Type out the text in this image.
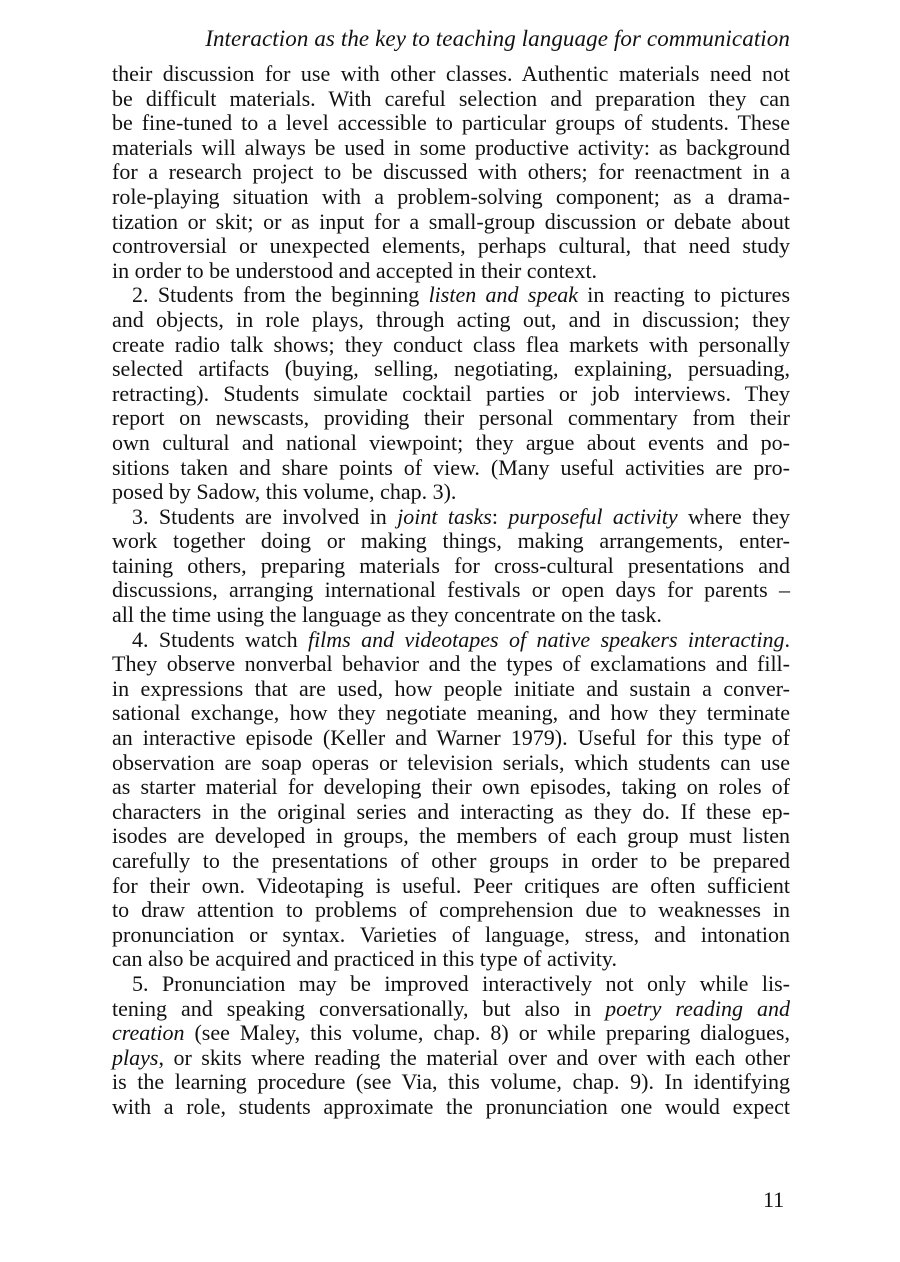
Interaction as the key to teaching language for communication
their discussion for use with other classes. Authentic materials need not
be difficult materials. With careful selection and preparation they can
be fine-tuned to a level accessible to particular groups of students. These
materials will always be used in some productive activity: as background
for a research project to be discussed with others; for reenactment in a
role-playing situation with a problem-solving component; as a drama-
tization or skit; or as input for a small-group discussion or debate about
controversial or unexpected elements, perhaps cultural, that need study
in order to be understood and accepted in their context.
2. Students from the beginning listen and speak in reacting to pictures
and objects, in role plays, through acting out, and in discussion; they
create radio talk shows; they conduct class flea markets with personally
selected artifacts (buying, selling, negotiating, explaining, persuading,
retracting). Students simulate cocktail parties or job interviews. They
report on newscasts, providing their personal commentary from their
own cultural and national viewpoint; they argue about events and po-
sitions taken and share points of view. (Many useful activities are pro-
posed by Sadow, this volume, chap. 3).
3. Students are involved in joint tasks: purposeful activity where they
work together doing or making things, making arrangements, enter-
taining others, preparing materials for cross-cultural presentations and
discussions, arranging international festivals or open days for parents –
all the time using the language as they concentrate on the task.
4. Students watch films and videotapes of native speakers interacting.
They observe nonverbal behavior and the types of exclamations and fill-
in expressions that are used, how people initiate and sustain a conver-
sational exchange, how they negotiate meaning, and how they terminate
an interactive episode (Keller and Warner 1979). Useful for this type of
observation are soap operas or television serials, which students can use
as starter material for developing their own episodes, taking on roles of
characters in the original series and interacting as they do. If these ep-
isodes are developed in groups, the members of each group must listen
carefully to the presentations of other groups in order to be prepared
for their own. Videotaping is useful. Peer critiques are often sufficient
to draw attention to problems of comprehension due to weaknesses in
pronunciation or syntax. Varieties of language, stress, and intonation
can also be acquired and practiced in this type of activity.
5. Pronunciation may be improved interactively not only while lis-
tening and speaking conversationally, but also in poetry reading and
creation (see Maley, this volume, chap. 8) or while preparing dialogues,
plays, or skits where reading the material over and over with each other
is the learning procedure (see Via, this volume, chap. 9). In identifying
with a role, students approximate the pronunciation one would expect
11
